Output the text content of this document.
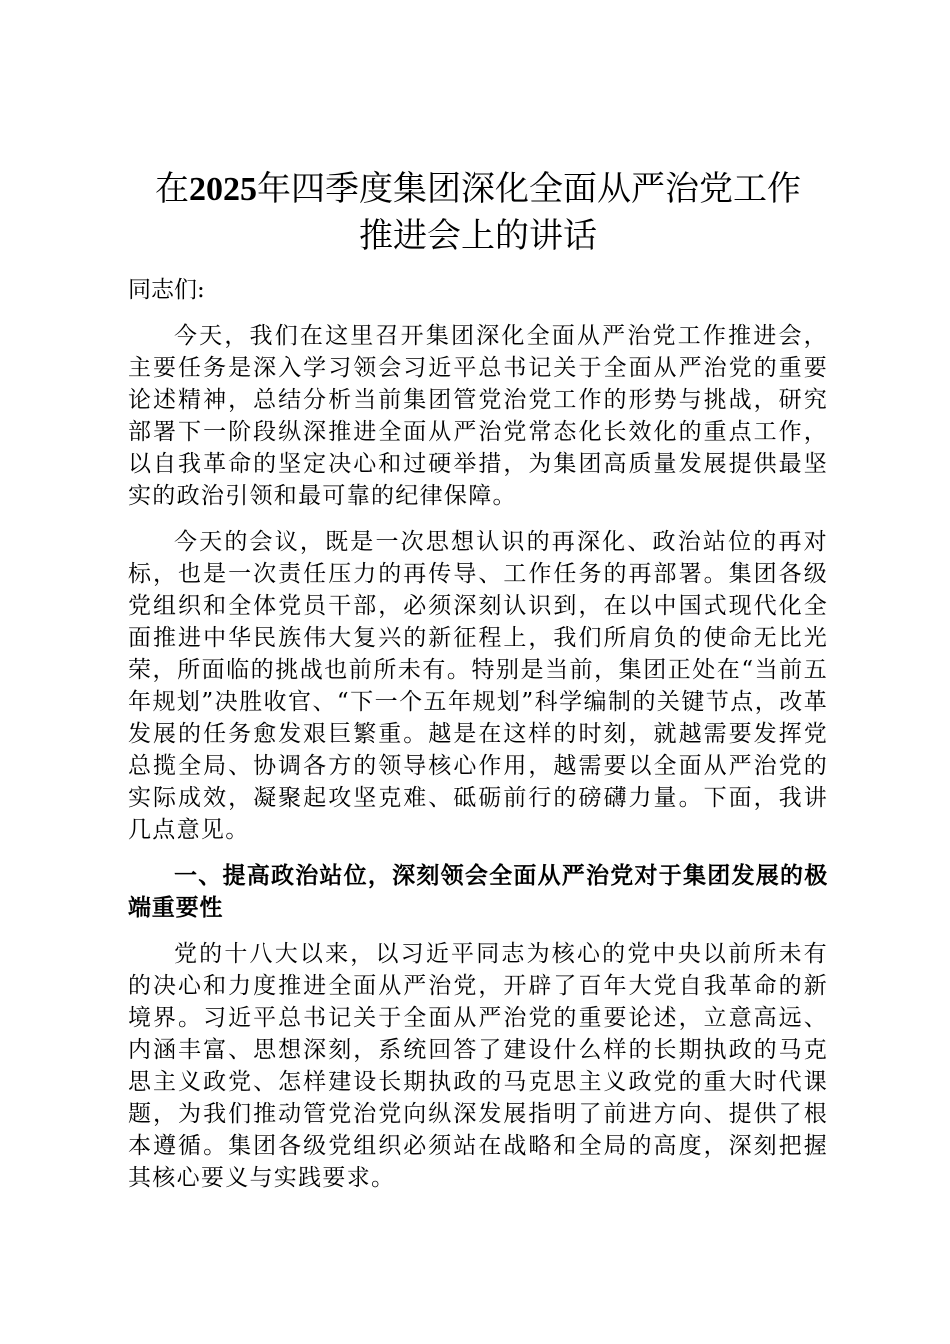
在2025年四季度集团深化全面从严治党工作
推进会上的讲话

同志们:

今天，我们在这里召开集团深化全面从严治党工作推进会，主要任务是深入学习领会习近平总书记关于全面从严治党的重要论述精神，总结分析当前集团管党治党工作的形势与挑战，研究部署下一阶段纵深推进全面从严治党常态化长效化的重点工作，以自我革命的坚定决心和过硬举措，为集团高质量发展提供最坚实的政治引领和最可靠的纪律保障。

今天的会议，既是一次思想认识的再深化、政治站位的再对标，也是一次责任压力的再传导、工作任务的再部署。集团各级党组织和全体党员干部，必须深刻认识到，在以中国式现代化全面推进中华民族伟大复兴的新征程上，我们所肩负的使命无比光荣，所面临的挑战也前所未有。特别是当前，集团正处在“当前五年规划”决胜收官、“下一个五年规划”科学编制的关键节点，改革发展的任务愈发艰巨繁重。越是在这样的时刻，就越需要发挥党总揽全局、协调各方的领导核心作用，越需要以全面从严治党的实际成效，凝聚起攻坚克难、砥砺前行的磅礴力量。下面，我讲几点意见。

一、提高政治站位，深刻领会全面从严治党对于集团发展的极端重要性

党的十八大以来，以习近平同志为核心的党中央以前所未有的决心和力度推进全面从严治党，开辟了百年大党自我革命的新境界。习近平总书记关于全面从严治党的重要论述，立意高远、内涵丰富、思想深刻，系统回答了建设什么样的长期执政的马克思主义政党、怎样建设长期执政的马克思主义政党的重大时代课题，为我们推动管党治党向纵深发展指明了前进方向、提供了根本遵循。集团各级党组织必须站在战略和全局的高度，深刻把握其核心要义与实践要求。
